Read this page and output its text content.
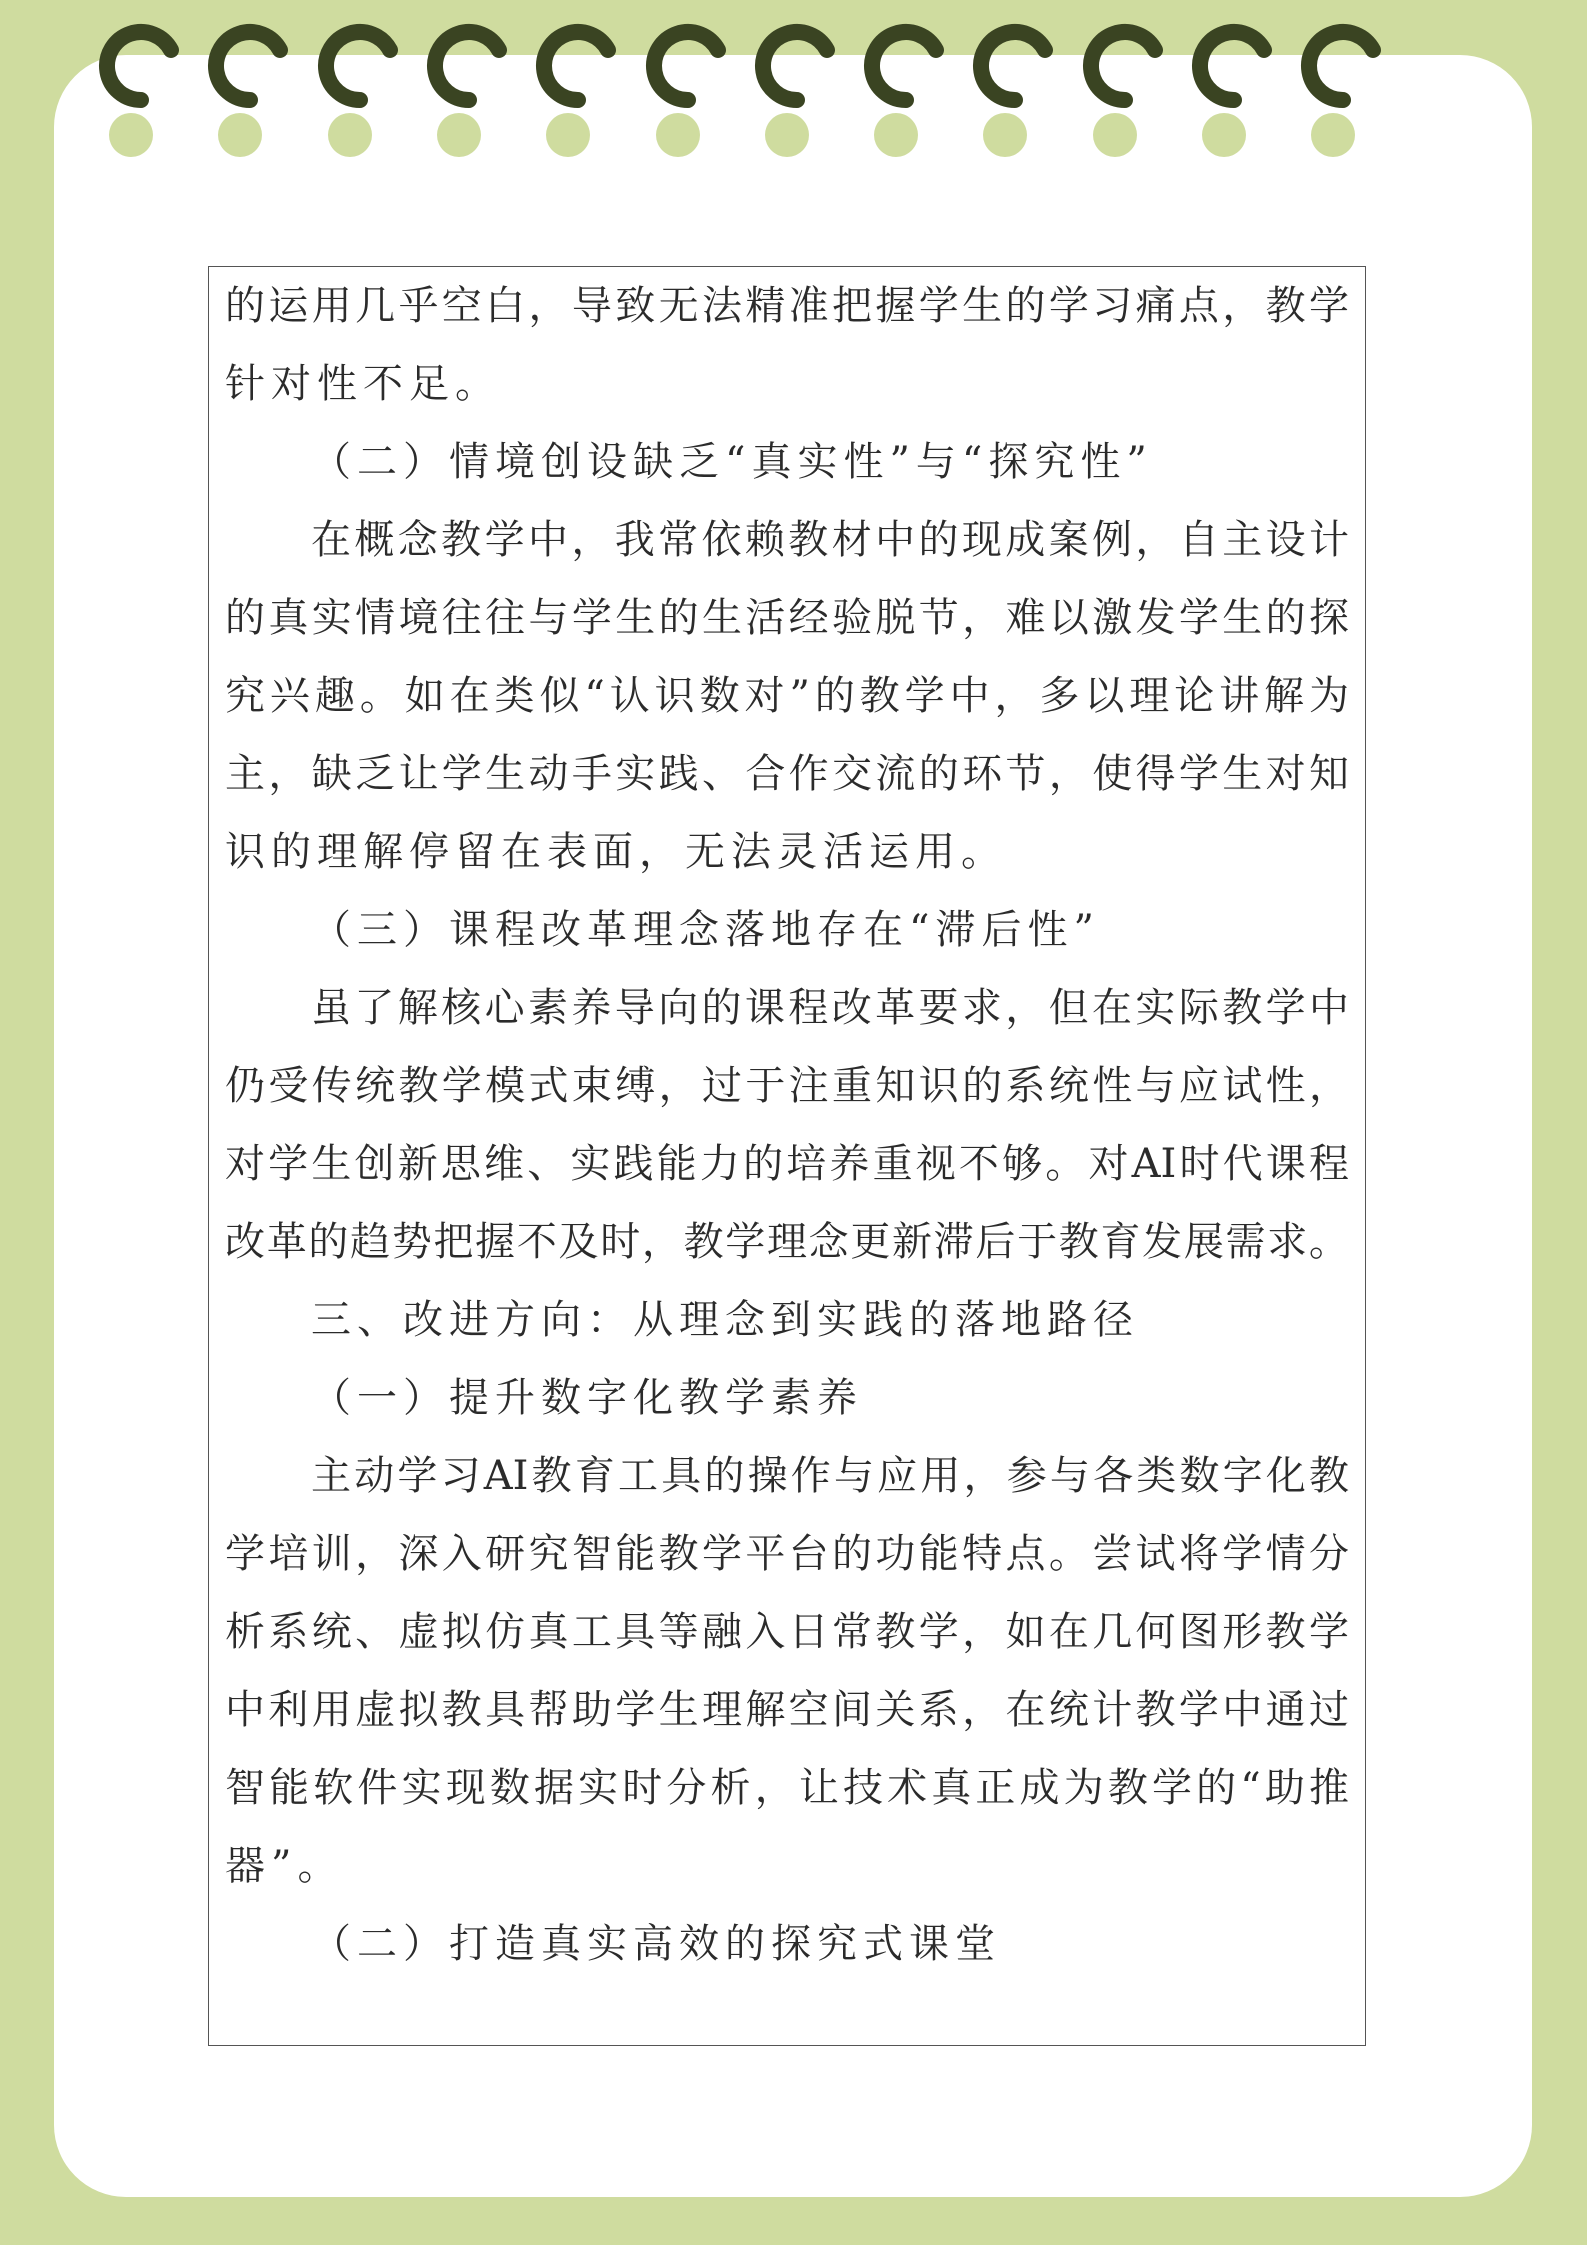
的 运 用 几 乎 空 白 ， 导 致 无 法 精 准 把 握 学 生 的 学 习 痛 点 ， 教 学
针对性不足。
（二）情境创设缺乏“真实性”与“探究性”
在 概 念 教 学 中 ， 我 常 依 赖 教 材 中 的 现 成 案 例 ， 自 主 设 计
的 真 实 情 境 往 往 与 学 生 的 生 活 经 验 脱 节 ， 难 以 激 发 学 生 的 探
究 兴 趣 。 如 在 类 似 “ 认 识 数 对 ” 的 教 学 中 ， 多 以 理 论 讲 解 为
主 ， 缺 乏 让 学 生 动 手 实 践 、 合 作 交 流 的 环 节 ， 使 得 学 生 对 知
识的理解停留在表面，无法灵活运用。
（三）课程改革理念落地存在“滞后性”
虽 了 解 核 心 素 养 导 向 的 课 程 改 革 要 求 ， 但 在 实 际 教 学 中
仍 受 传 统 教 学 模 式 束 缚 ， 过 于 注 重 知 识 的 系 统 性 与 应 试 性 ，
对 学 生 创 新 思 维 、 实 践 能 力 的 培 养 重 视 不 够 。 对 AI 时 代 课 程
改 革 的 趋 势 把 握 不 及 时 ， 教 学 理 念 更 新 滞 后 于 教 育 发 展 需 求 。
三、改进方向：从理念到实践的落地路径
（一）提升数字化教学素养
主 动 学 习 AI 教 育 工 具 的 操 作 与 应 用 ， 参 与 各 类 数 字 化 教
学 培 训 ， 深 入 研 究 智 能 教 学 平 台 的 功 能 特 点 。 尝 试 将 学 情 分
析 系 统 、 虚 拟 仿 真 工 具 等 融 入 日 常 教 学 ， 如 在 几 何 图 形 教 学
中 利 用 虚 拟 教 具 帮 助 学 生 理 解 空 间 关 系 ， 在 统 计 教 学 中 通 过
智 能 软 件 实 现 数 据 实 时 分 析 ， 让 技 术 真 正 成 为 教 学 的 “ 助 推
器”。
（二）打造真实高效的探究式课堂
